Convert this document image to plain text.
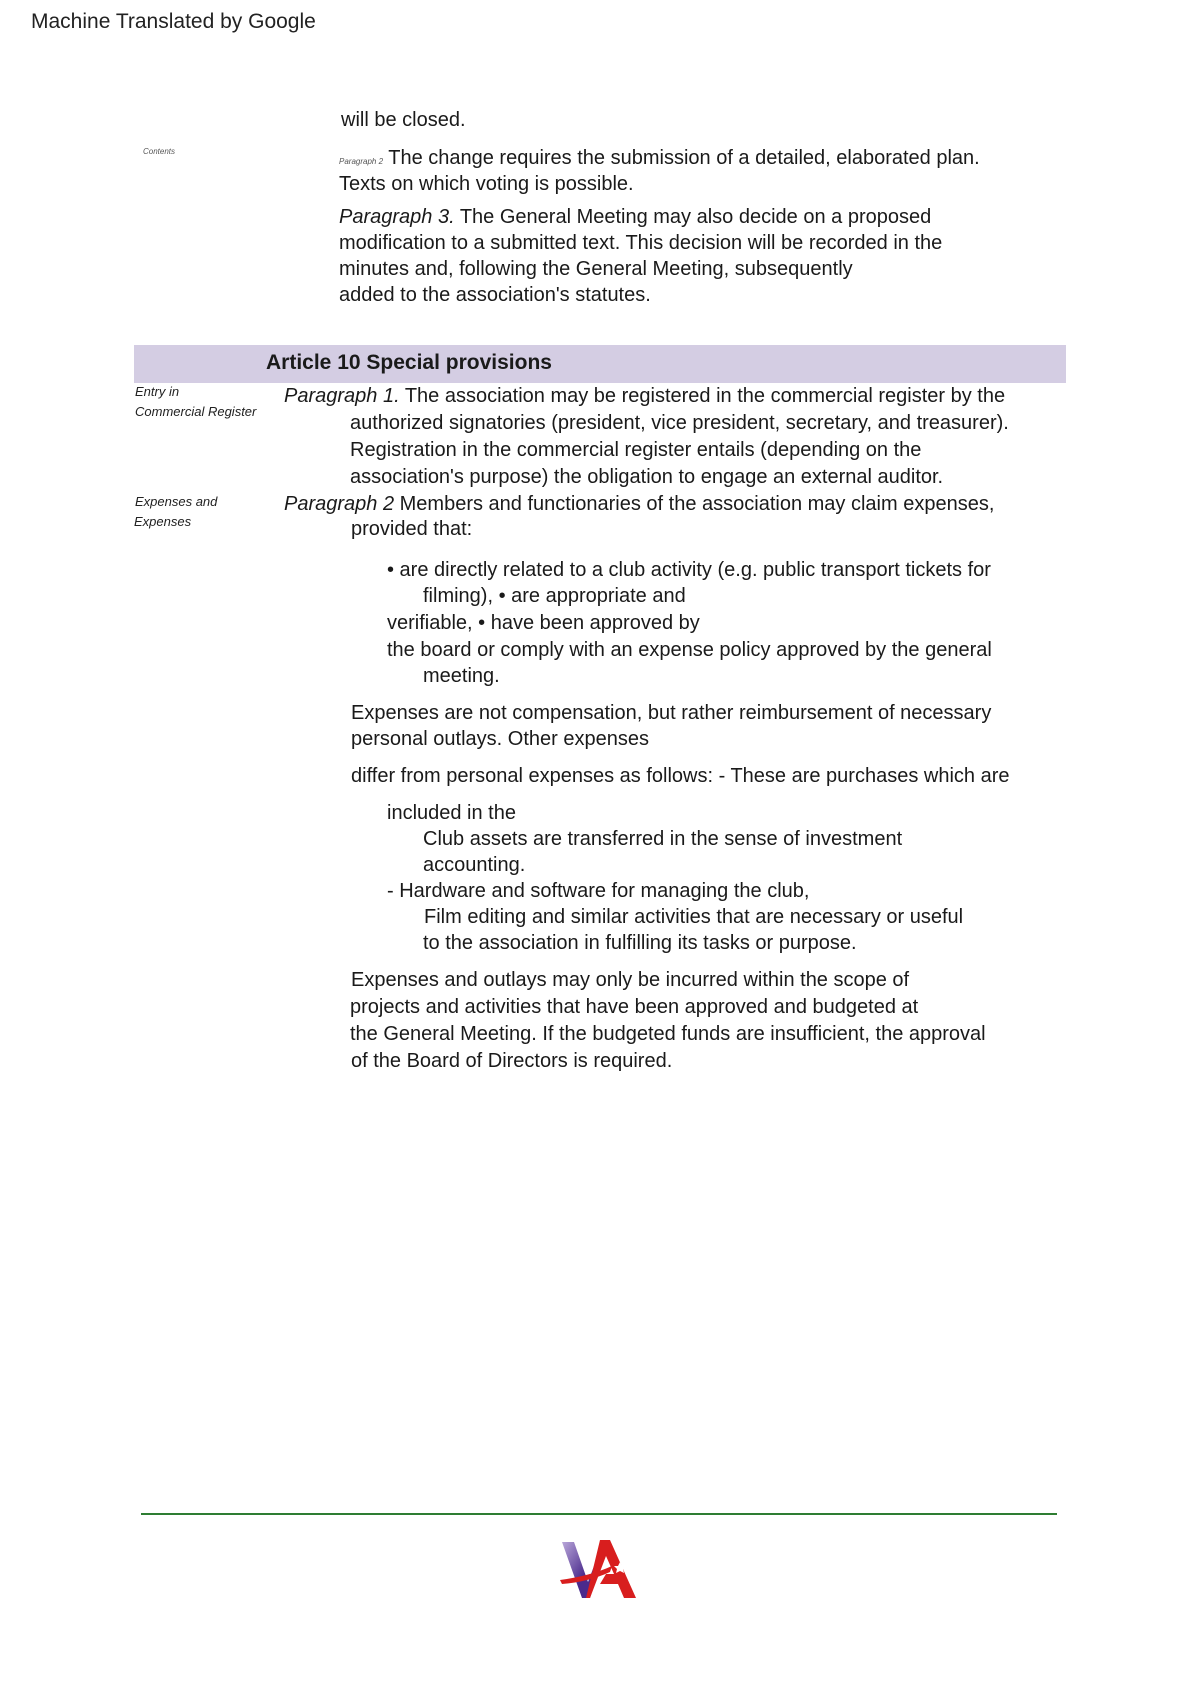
Machine Translated by Google
will be closed.
Contents
Paragraph 2 The change requires the submission of a detailed, elaborated plan.
Texts on which voting is possible.
Paragraph 3. The General Meeting may also decide on a proposed
modification to a submitted text. This decision will be recorded in the
minutes and, following the General Meeting, subsequently
added to the association's statutes.
Article 10 Special provisions
Entry in
Commercial Register
Expenses and
Expenses
Paragraph 1. The association may be registered in the commercial register by the
authorized signatories (president, vice president, secretary, and treasurer).
Registration in the commercial register entails (depending on the
association's purpose) the obligation to engage an external auditor.
Paragraph 2 Members and functionaries of the association may claim expenses,
provided that:
• are directly related to a club activity (e.g. public transport tickets for
filming), • are appropriate and
verifiable, • have been approved by
the board or comply with an expense policy approved by the general
meeting.
Expenses are not compensation, but rather reimbursement of necessary
personal outlays. Other expenses
differ from personal expenses as follows: - These are purchases which are
included in the
Club assets are transferred in the sense of investment
accounting.
- Hardware and software for managing the club,
Film editing and similar activities that are necessary or useful
to the association in fulfilling its tasks or purpose.
Expenses and outlays may only be incurred within the scope of
projects and activities that have been approved and budgeted at
the General Meeting. If the budgeted funds are insufficient, the approval
of the Board of Directors is required.
